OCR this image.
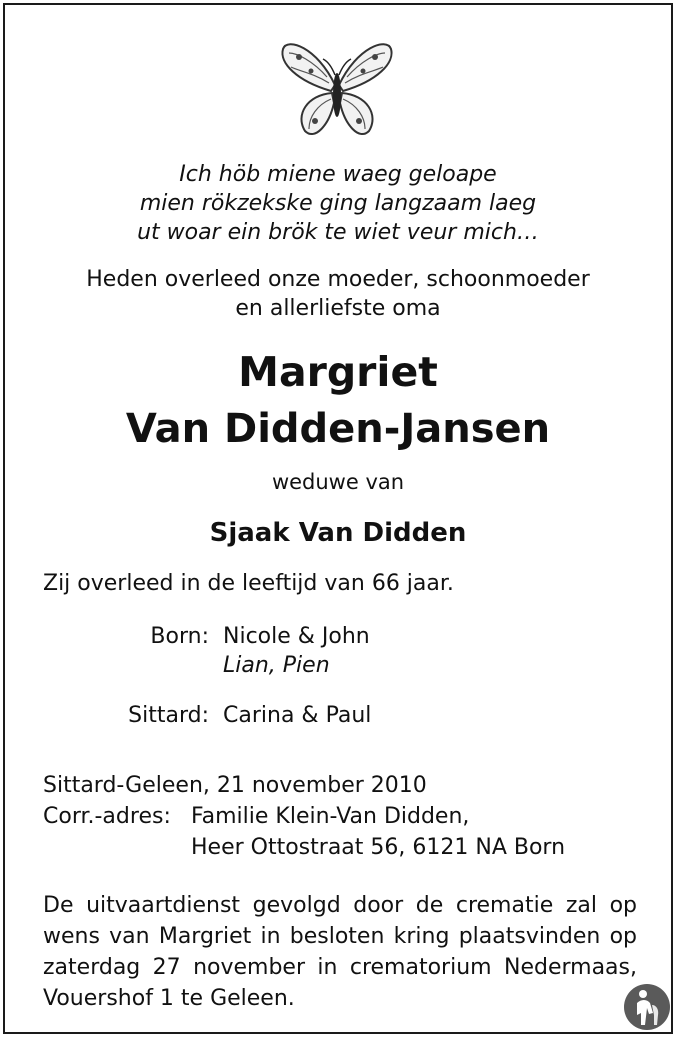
Ich höb miene waeg geloape
mien rökzekske ging langzaam laeg
ut woar ein brök te wiet veur mich…
Heden overleed onze moeder, schoonmoeder
en allerliefste oma
Margriet
Van Didden-Jansen
weduwe van
Sjaak Van Didden
Zij overleed in de leeftijd van 66 jaar.
Born: Nicole & John
Lian, Pien
Sittard: Carina & Paul
Sittard-Geleen, 21 november 2010
Corr.-adres: Familie Klein-Van Didden,
Heer Ottostraat 56, 6121 NA Born
De uitvaartdienst gevolgd door de crematie zal op
wens van Margriet in besloten kring plaatsvinden op
zaterdag 27 november in crematorium Nedermaas,
Vouershof 1 te Geleen.
